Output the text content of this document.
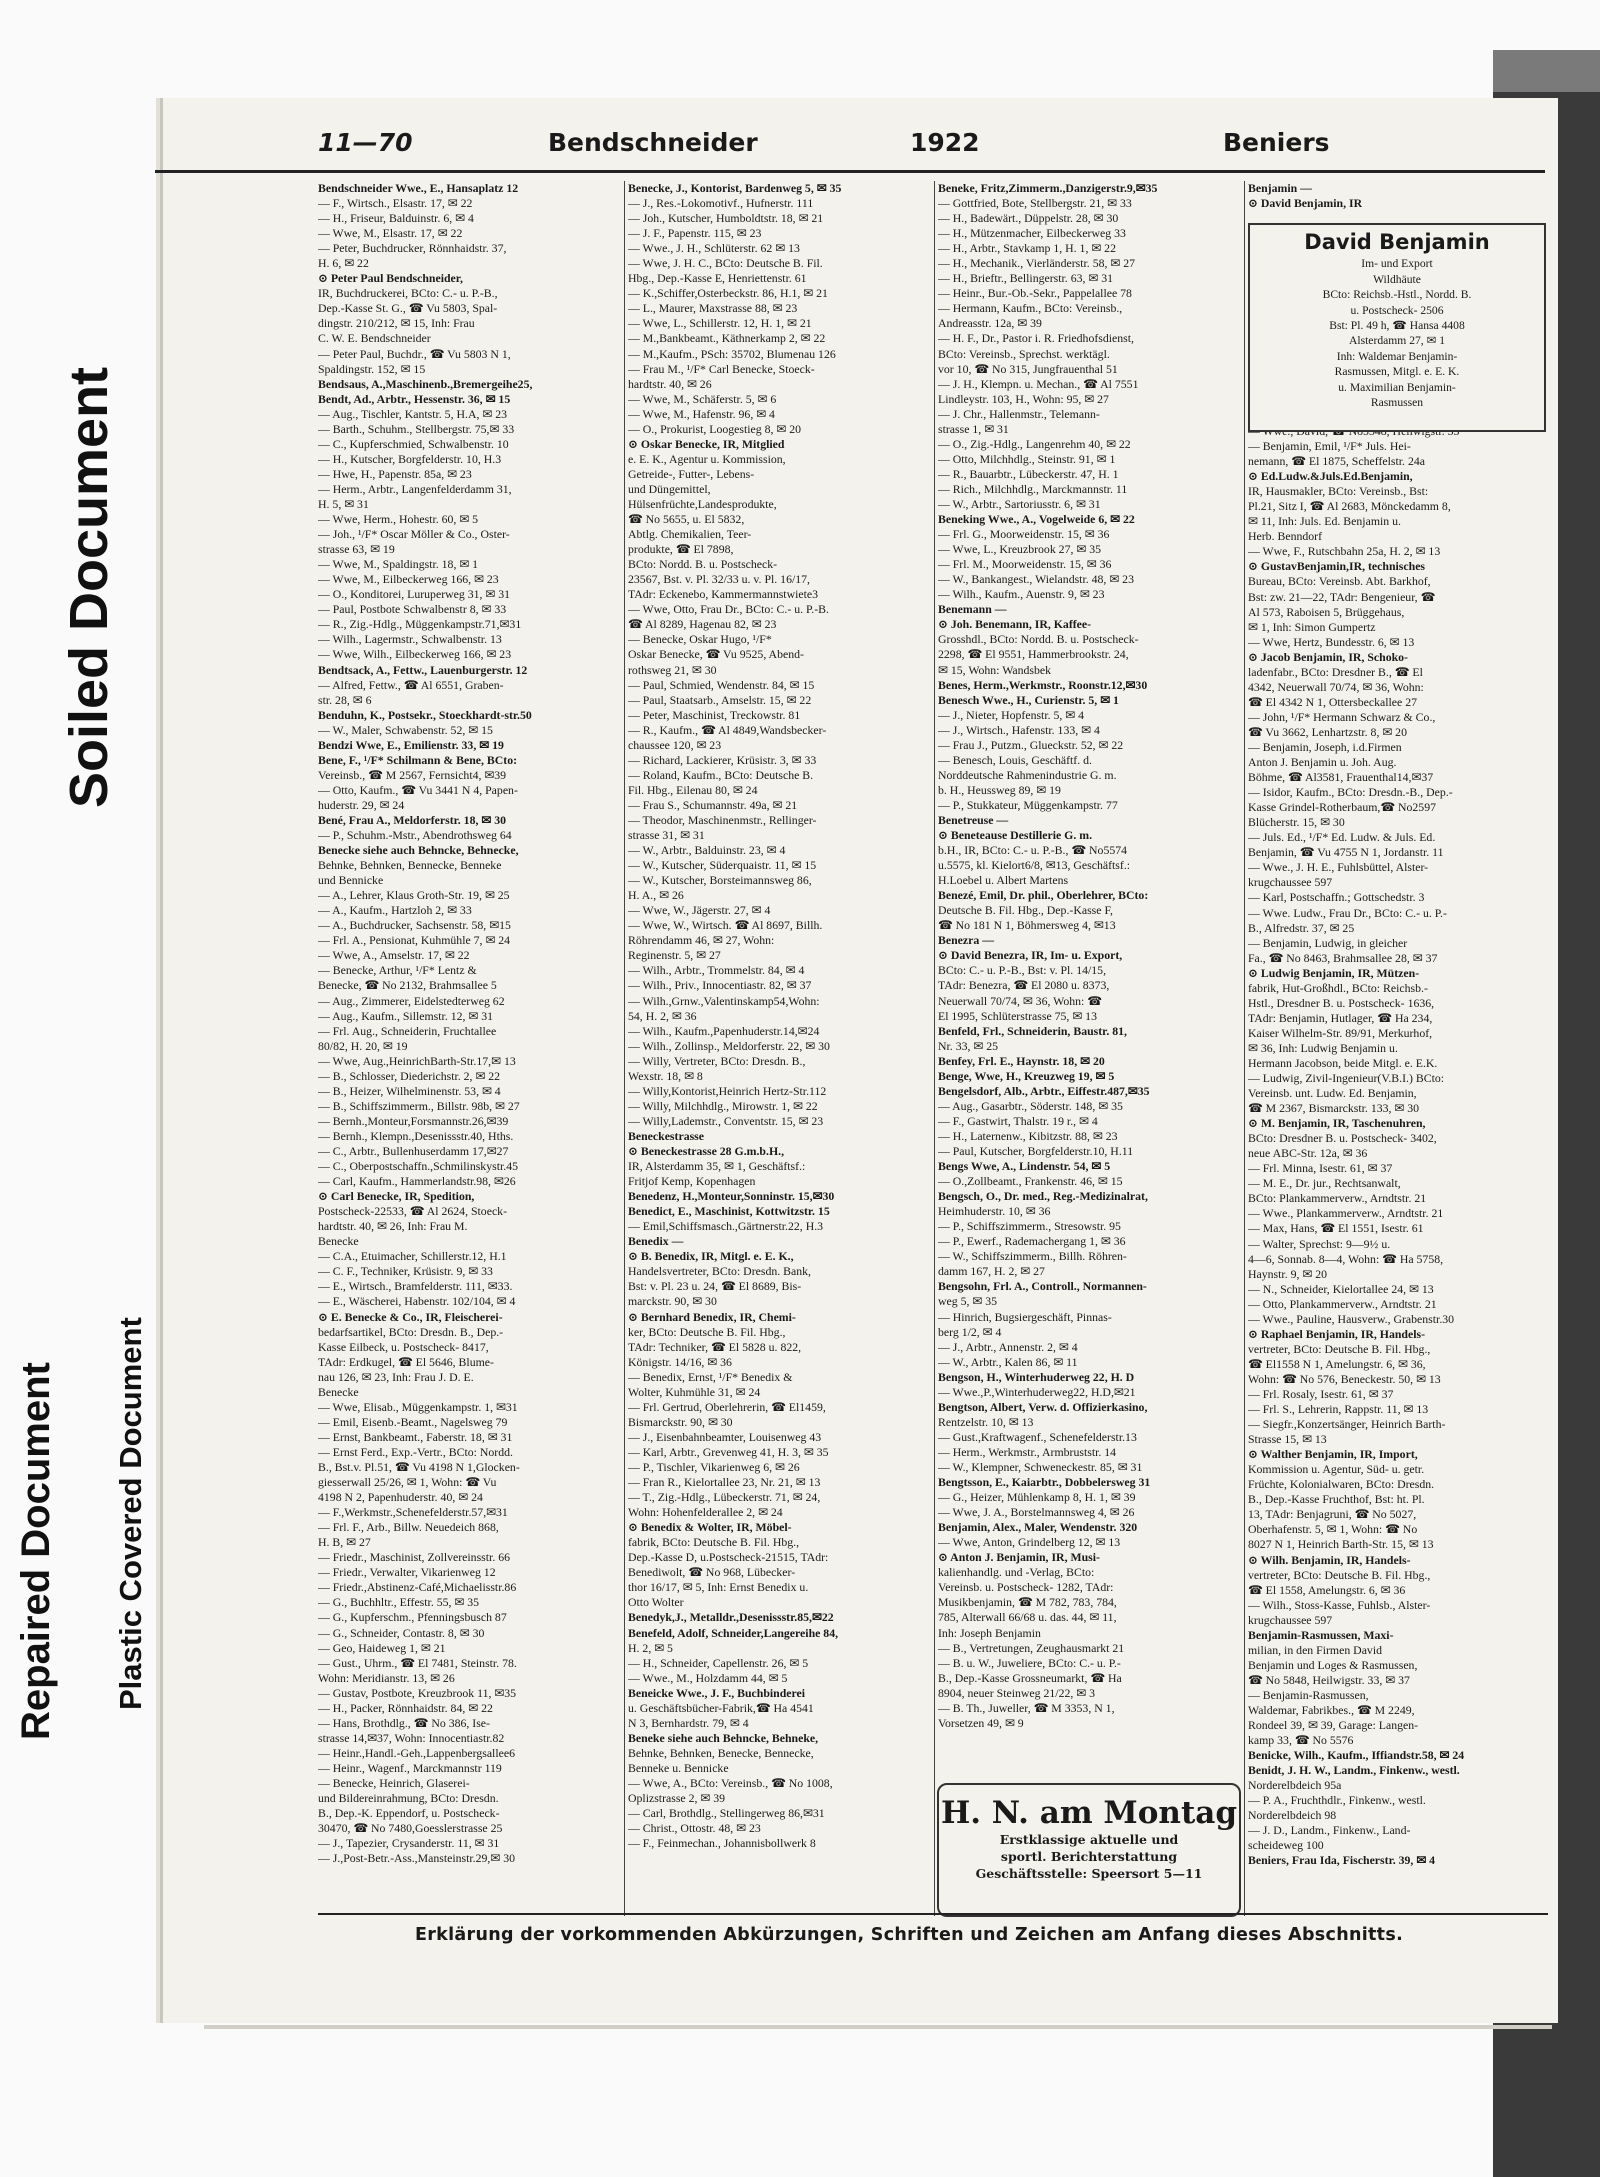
Soiled Document
Repaired Document Plastic Covered Document
11—70	Bendschneider	1922	Beniers
Bendschneider Wwe., E., Hansaplatz 12
— F., Wirtsch., Elsastr. 17, ✉ 22
— H., Friseur, Balduinstr. 6, ✉ 4
— Wwe, M., Elsastr. 17, ✉ 22
— Peter, Buchdrucker, Rönnhaidstr. 37,
H. 6, ✉ 22
⊙ Peter Paul Bendschneider,
IR, Buchdruckerei, BCto: C.- u. P.-B.,
Dep.-Kasse St. G., ☎ Vu 5803, Spal-
dingstr. 210/212, ✉ 15, Inh: Frau
C. W. E. Bendschneider
— Peter Paul, Buchdr., ☎ Vu 5803 N 1,
Spaldingstr. 152, ✉ 15
Bendsaus, A.,Maschinenb.,Bremergeihe25,
Bendt, Ad., Arbtr., Hessenstr. 36, ✉ 15
— Aug., Tischler, Kantstr. 5, H.A, ✉ 23
— Barth., Schuhm., Stellbergstr. 75,✉ 33
— C., Kupferschmied, Schwalbenstr. 10
— H., Kutscher, Borgfelderstr. 10, H.3
— Hwe, H., Papenstr. 85a, ✉ 23
— Herm., Arbtr., Langenfelderdamm 31,
H. 5, ✉ 31
— Wwe, Herm., Hohestr. 60, ✉ 5
— Joh., ¹/F* Oscar Möller & Co., Oster-
strasse 63, ✉ 19
— Wwe, M., Spaldingstr. 18, ✉ 1
— Wwe, M., Eilbeckerweg 166, ✉ 23
— O., Konditorei, Luruperweg 31, ✉ 31
— Paul, Postbote Schwalbenstr 8, ✉ 33
— R., Zig.-Hdlg., Müggenkampstr.71,✉31
— Wilh., Lagermstr., Schwalbenstr. 13
— Wwe, Wilh., Eilbeckerweg 166, ✉ 23
Bendtsack, A., Fettw., Lauenburgerstr. 12
— Alfred, Fettw., ☎ Al 6551, Graben-
str. 28, ✉ 6
Benduhn, K., Postsekr., Stoeckhardt-str.50
— W., Maler, Schwabenstr. 52, ✉ 15
Bendzi Wwe, E., Emilienstr. 33, ✉ 19
Bene, F., ¹/F* Schilmann & Bene, BCto:
Vereinsb., ☎ M 2567, Fernsicht4, ✉39
— Otto, Kaufm., ☎ Vu 3441 N 4, Papen-
huderstr. 29, ✉ 24
Bené, Frau A., Meldorferstr. 18, ✉ 30
— P., Schuhm.-Mstr., Abendrothsweg 64
Benecke siehe auch Behncke, Behnecke,
Behnke, Behnken, Bennecke, Benneke
und Bennicke
— A., Lehrer, Klaus Groth-Str. 19, ✉ 25
— A., Kaufm., Hartzloh 2, ✉ 33
— A., Buchdrucker, Sachsenstr. 58, ✉15
— Frl. A., Pensionat, Kuhmühle 7, ✉ 24
— Wwe, A., Amselstr. 17, ✉ 22
— Benecke, Arthur, ¹/F* Lentz &
Benecke, ☎ No 2132, Brahmsallee 5
— Aug., Zimmerer, Eidelstedterweg 62
— Aug., Kaufm., Sillemstr. 12, ✉ 31
— Frl. Aug., Schneiderin, Fruchtallee
80/82, H. 20, ✉ 19
— Wwe, Aug.,HeinrichBarth-Str.17,✉ 13
— B., Schlosser, Diederichstr. 2, ✉ 22
— B., Heizer, Wilhelminenstr. 53, ✉ 4
— B., Schiffszimmerm., Billstr. 98b, ✉ 27
— Bernh.,Monteur,Forsmannstr.26,✉39
— Bernh., Klempn.,Desenissstr.40, Hths.
— C., Arbtr., Bullenhuserdamm 17,✉27
— C., Oberpostschaffn.,Schmilinskystr.45
— Carl, Kaufm., Hammerlandstr.98, ✉26
⊙ Carl Benecke, IR, Spedition,
Postscheck-22533, ☎ Al 2624, Stoeck-
hardtstr. 40, ✉ 26, Inh: Frau M.
Benecke
— C.A., Etuimacher, Schillerstr.12, H.1
— C. F., Techniker, Krüsistr. 9, ✉ 33
— E., Wirtsch., Bramfelderstr. 111, ✉33.
— E., Wäscherei, Habenstr. 102/104, ✉ 4
⊙ E. Benecke & Co., IR, Fleischerei-
bedarfsartikel, BCto: Dresdn. B., Dep.-
Kasse Eilbeck, u. Postscheck- 8417,
TAdr: Erdkugel, ☎ El 5646, Blume-
nau 126, ✉ 23, Inh: Frau J. D. E.
Benecke
— Wwe, Elisab., Müggenkampstr. 1, ✉31
— Emil, Eisenb.-Beamt., Nagelsweg 79
— Ernst, Bankbeamt., Faberstr. 18, ✉ 31
— Ernst Ferd., Exp.-Vertr., BCto: Nordd.
B., Bst.v. Pl.51, ☎ Vu 4198 N 1,Glocken-
giesserwall 25/26, ✉ 1, Wohn: ☎ Vu
4198 N 2, Papenhuderstr. 40, ✉ 24
— F.,Werkmstr.,Schenefelderstr.57,✉31
— Frl. F., Arb., Billw. Neuedeich 868,
H. B, ✉ 27
— Friedr., Maschinist, Zollvereinsstr. 66
— Friedr., Verwalter, Vikarienweg 12
— Friedr.,Abstinenz-Café,Michaelisstr.86
— G., Buchhltr., Effestr. 55, ✉ 35
— G., Kupferschm., Pfenningsbusch 87
— G., Schneider, Contastr. 8, ✉ 30
— Geo, Haideweg 1, ✉ 21
— Gust., Uhrm., ☎ El 7481, Steinstr. 78.
Wohn: Meridianstr. 13, ✉ 26
— Gustav, Postbote, Kreuzbrook 11, ✉35
— H., Packer, Rönnhaidstr. 84, ✉ 22
— Hans, Brothdlg., ☎ No 386, Ise-
strasse 14,✉37, Wohn: Innocentiastr.82
— Heinr.,Handl.-Geh.,Lappenbergsallee6
— Heinr., Wagenf., Marckmannstr 119
— Benecke, Heinrich, Glaserei-
und Bildereinrahmung, BCto: Dresdn.
B., Dep.-K. Eppendorf, u. Postscheck-
30470, ☎ No 7480,Goesslerstrasse 25
— J., Tapezier, Crysanderstr. 11, ✉ 31
— J.,Post-Betr.-Ass.,Mansteinstr.29,✉ 30
Benecke, J., Kontorist, Bardenweg 5, ✉ 35
— J., Res.-Lokomotivf., Hufnerstr. 111
— Joh., Kutscher, Humboldtstr. 18, ✉ 21
— J. F., Papenstr. 115, ✉ 23
— Wwe., J. H., Schlüterstr. 62 ✉ 13
— Wwe, J. H. C., BCto: Deutsche B. Fil.
Hbg., Dep.-Kasse E, Henriettenstr. 61
— K.,Schiffer,Osterbeckstr. 86, H.1, ✉ 21
— L., Maurer, Maxstrasse 88, ✉ 23
— Wwe, L., Schillerstr. 12, H. 1, ✉ 21
— M.,Bankbeamt., Käthnerkamp 2, ✉ 22
— M.,Kaufm., PSch: 35702, Blumenau 126
— Frau M., ¹/F* Carl Benecke, Stoeck-
hardtstr. 40, ✉ 26
— Wwe, M., Schäferstr. 5, ✉ 6
— Wwe, M., Hafenstr. 96, ✉ 4
— O., Prokurist, Loogestieg 8, ✉ 20
⊙ Oskar Benecke, IR, Mitglied
e. E. K., Agentur u. Kommission,
Getreide-, Futter-, Lebens-
und Düngemittel,
Hülsenfrüchte,Landesprodukte,
☎ No 5655, u. El 5832,
Abtlg. Chemikalien, Teer-
produkte, ☎ El 7898,
BCto: Nordd. B. u. Postscheck-
23567, Bst. v. Pl. 32/33 u. v. Pl. 16/17,
TAdr: Eckenebo, Kammermannstwiete3
— Wwe, Otto, Frau Dr., BCto: C.- u. P.-B.
☎ Al 8289, Hagenau 82, ✉ 23
— Benecke, Oskar Hugo, ¹/F*
Oskar Benecke, ☎ Vu 9525, Abend-
rothsweg 21, ✉ 30
— Paul, Schmied, Wendenstr. 84, ✉ 15
— Paul, Staatsarb., Amselstr. 15, ✉ 22
— Peter, Maschinist, Treckowstr. 81
— R., Kaufm., ☎ Al 4849,Wandsbecker-
chaussee 120, ✉ 23
— Richard, Lackierer, Krüsistr. 3, ✉ 33
— Roland, Kaufm., BCto: Deutsche B.
Fil. Hbg., Eilenau 80, ✉ 24
— Frau S., Schumannstr. 49a, ✉ 21
— Theodor, Maschinenmstr., Rellinger-
strasse 31, ✉ 31
— W., Arbtr., Balduinstr. 23, ✉ 4
— W., Kutscher, Süderquaistr. 11, ✉ 15
— W., Kutscher, Borsteimannsweg 86,
H. A., ✉ 26
— Wwe, W., Jägerstr. 27, ✉ 4
— Wwe, W., Wirtsch. ☎ Al 8697, Billh.
Röhrendamm 46, ✉ 27, Wohn:
Reginenstr. 5, ✉ 27
— Wilh., Arbtr., Trommelstr. 84, ✉ 4
— Wilh., Priv., Innocentiastr. 82, ✉ 37
— Wilh.,Grnw.,Valentinskamp54,Wohn:
54, H. 2, ✉ 36
— Wilh., Kaufm.,Papenhuderstr.14,✉24
— Wilh., Zollinsp., Meldorferstr. 22, ✉ 30
— Willy, Vertreter, BCto: Dresdn. B.,
Wexstr. 18, ✉ 8
— Willy,Kontorist,Heinrich Hertz-Str.112
— Willy, Milchhdlg., Mirowstr. 1, ✉ 22
— Willy,Lademstr., Conventstr. 15, ✉ 23
Beneckestrasse
⊙ Beneckestrasse 28 G.m.b.H.,
IR, Alsterdamm 35, ✉ 1, Geschäftsf.:
Fritjof Kemp, Kopenhagen
Benedenz, H.,Monteur,Sonninstr. 15,✉30
Benedict, E., Maschinist, Kottwitzstr. 15
— Emil,Schiffsmasch.,Gärtnerstr.22, H.3
Benedix —
⊙ B. Benedix, IR, Mitgl. e. E. K.,
Handelsvertreter, BCto: Dresdn. Bank,
Bst: v. Pl. 23 u. 24, ☎ El 8689, Bis-
marckstr. 90, ✉ 30
⊙ Bernhard Benedix, IR, Chemi-
ker, BCto: Deutsche B. Fil. Hbg.,
TAdr: Techniker, ☎ El 5828 u. 822,
Königstr. 14/16, ✉ 36
— Benedix, Ernst, ¹/F* Benedix &
Wolter, Kuhmühle 31, ✉ 24
— Frl. Gertrud, Oberlehrerin, ☎ El1459,
Bismarckstr. 90, ✉ 30
— J., Eisenbahnbeamter, Louisenweg 43
— Karl, Arbtr., Grevenweg 41, H. 3, ✉ 35
— P., Tischler, Vikarienweg 6, ✉ 26
— Fran R., Kielortallee 23, Nr. 21, ✉ 13
— T., Zig.-Hdlg., Lübeckerstr. 71, ✉ 24,
Wohn: Hohenfelderallee 2, ✉ 24
⊙ Benedix & Wolter, IR, Möbel-
fabrik, BCto: Deutsche B. Fil. Hbg.,
Dep.-Kasse D, u.Postscheck-21515, TAdr:
Benediwolt, ☎ No 968, Lübecker-
thor 16/17, ✉ 5, Inh: Ernst Benedix u.
Otto Wolter
Benedyk,J., Metalldr.,Desenissstr.85,✉22
Benefeld, Adolf, Schneider,Langereihe 84,
H. 2, ✉ 5
— H., Schneider, Capellenstr. 26, ✉ 5
— Wwe., M., Holzdamm 44, ✉ 5
Beneicke Wwe., J. F., Buchbinderei
u. Geschäftsbücher-Fabrik,☎ Ha 4541
N 3, Bernhardstr. 79, ✉ 4
Beneke siehe auch Behncke, Behneke,
Behnke, Behnken, Benecke, Bennecke,
Benneke u. Bennicke
— Wwe, A., BCto: Vereinsb., ☎ No 1008,
Oplizstrasse 2, ✉ 39
— Carl, Brothdlg., Stellingerweg 86,✉31
— Christ., Ottostr. 48, ✉ 23
— F., Feinmechan., Johannisbollwerk 8
Beneke, Fritz,Zimmerm.,Danzigerstr.9,✉35
— Gottfried, Bote, Stellbergstr. 21, ✉ 33
— H., Badewärt., Düppelstr. 28, ✉ 30
— H., Mützenmacher, Eilbeckerweg 33
— H., Arbtr., Stavkamp 1, H. 1, ✉ 22
— H., Mechanik., Vierländerstr. 58, ✉ 27
— H., Brieftr., Bellingerstr. 63, ✉ 31
— Heinr., Bur.-Ob.-Sekr., Pappelallee 78
— Hermann, Kaufm., BCto: Vereinsb.,
Andreasstr. 12a, ✉ 39
— H. F., Dr., Pastor i. R. Friedhofsdienst,
BCto: Vereinsb., Sprechst. werktägl.
vor 10, ☎ No 315, Jungfrauenthal 51
— J. H., Klempn. u. Mechan., ☎ Al 7551
Lindleystr. 103, H., Wohn: 95, ✉ 27
— J. Chr., Hallenmstr., Telemann-
strasse 1, ✉ 31
— O., Zig.-Hdlg., Langenrehm 40, ✉ 22
— Otto, Milchhdlg., Steinstr. 91, ✉ 1
— R., Bauarbtr., Lübeckerstr. 47, H. 1
— Rich., Milchhdlg., Marckmannstr. 11
— W., Arbtr., Sartoriusstr. 6, ✉ 31
Beneking Wwe., A., Vogelweide 6, ✉ 22
— Frl. G., Moorweidenstr. 15, ✉ 36
— Wwe, L., Kreuzbrook 27, ✉ 35
— Frl. M., Moorweidenstr. 15, ✉ 36
— W., Bankangest., Wielandstr. 48, ✉ 23
— Wilh., Kaufm., Auenstr. 9, ✉ 23
Benemann —
⊙ Joh. Benemann, IR, Kaffee-
Grosshdl., BCto: Nordd. B. u. Postscheck-
2298, ☎ El 9551, Hammerbrookstr. 24,
✉ 15, Wohn: Wandsbek
Benes, Herm.,Werkmstr., Roonstr.12,✉30
Benesch Wwe., H., Curienstr. 5, ✉ 1
— J., Nieter, Hopfenstr. 5, ✉ 4
— J., Wirtsch., Hafenstr. 133, ✉ 4
— Frau J., Putzm., Glueckstr. 52, ✉ 22
— Benesch, Louis, Geschäftf. d.
Norddeutsche Rahmenindustrie G. m.
b. H., Heussweg 89, ✉ 19
— P., Stukkateur, Müggenkampstr. 77
Benetreuse —
⊙ Beneteause Destillerie G. m.
b.H., IR, BCto: C.- u. P.-B., ☎ No5574
u.5575, kl. Kielort6/8, ✉13, Geschäftsf.:
H.Loebel u. Albert Martens
Benezé, Emil, Dr. phil., Oberlehrer, BCto:
Deutsche B. Fil. Hbg., Dep.-Kasse F,
☎ No 181 N 1, Böhmersweg 4, ✉13
Benezra —
⊙ David Benezra, IR, Im- u. Export,
BCto: C.- u. P.-B., Bst: v. Pl. 14/15,
TAdr: Benezra, ☎ El 2080 u. 8373,
Neuerwall 70/74, ✉ 36, Wohn: ☎
El 1995, Schlüterstrasse 75, ✉ 13
Benfeld, Frl., Schneiderin, Baustr. 81,
Nr. 33, ✉ 25
Benfey, Frl. E., Haynstr. 18, ✉ 20
Benge, Wwe, H., Kreuzweg 19, ✉ 5
Bengelsdorf, Alb., Arbtr., Eiffestr.487,✉35
— Aug., Gasarbtr., Söderstr. 148, ✉ 35
— F., Gastwirt, Thalstr. 19 r., ✉ 4
— H., Laternenw., Kibitzstr. 88, ✉ 23
— Paul, Kutscher, Borgfelderstr.10, H.11
Bengs Wwe, A., Lindenstr. 54, ✉ 5
— O.,Zollbeamt., Frankenstr. 46, ✉ 15
Bengsch, O., Dr. med., Reg.-Medizinalrat,
Heimhuderstr. 10, ✉ 36
— P., Schiffszimmerm., Stresowstr. 95
— P., Ewerf., Rademachergang 1, ✉ 36
— W., Schiffszimmerm., Billh. Röhren-
damm 167, H. 2, ✉ 27
Bengsohn, Frl. A., Controll., Normannen-
weg 5, ✉ 35
— Hinrich, Bugsiergeschäft, Pinnas-
berg 1/2, ✉ 4
— J., Arbtr., Annenstr. 2, ✉ 4
— W., Arbtr., Kalen 86, ✉ 11
Bengson, H., Winterhuderweg 22, H. D
— Wwe.,P.,Winterhuderweg22, H.D,✉21
Bengtson, Albert, Verw. d. Offizierkasino,
Rentzelstr. 10, ✉ 13
— Gust.,Kraftwagenf., Schenefelderstr.13
— Herm., Werkmstr., Armbruststr. 14
— W., Klempner, Schweneckestr. 85, ✉ 31
Bengtsson, E., Kaiarbtr., Dobbelersweg 31
— G., Heizer, Mühlenkamp 8, H. 1, ✉ 39
— Wwe, J. A., Borstelmannsweg 4, ✉ 26
Benjamin, Alex., Maler, Wendenstr. 320
— Wwe, Anton, Grindelberg 12, ✉ 13
⊙ Anton J. Benjamin, IR, Musi-
kalienhandlg. und -Verlag, BCto:
Vereinsb. u. Postscheck- 1282, TAdr:
Musikbenjamin, ☎ M 782, 783, 784,
785, Alterwall 66/68 u. das. 44, ✉ 11,
Inh: Joseph Benjamin
— B., Vertretungen, Zeughausmarkt 21
— B. u. W., Juweliere, BCto: C.- u. P.-
B., Dep.-Kasse Grossneumarkt, ☎ Ha
8904, neuer Steinweg 21/22, ✉ 3
— B. Th., Juweller, ☎ M 3353, N 1,
Vorsetzen 49, ✉ 9
Benjamin —
⊙ David Benjamin, IR
— Benjamin, Emil, ¹/F* Juls. Hei-
nemann, ☎ El 1875, Scheffelstr. 24a
⊙ Ed.Ludw.&Juls.Ed.Benjamin,
IR, Hausmakler, BCto: Vereinsb., Bst:
Pl.21, Sitz I, ☎ Al 2683, Mönckedamm 8,
✉ 11, Inh: Juls. Ed. Benjamin u.
Herb. Benndorf
— Wwe, F., Rutschbahn 25a, H. 2, ✉ 13
⊙ GustavBenjamin,IR, technisches
Bureau, BCto: Vereinsb. Abt. Barkhof,
Bst: zw. 21—22, TAdr: Bengenieur, ☎
Al 573, Raboisen 5, Brüggehaus,
✉ 1, Inh: Simon Gumpertz
— Wwe, Hertz, Bundesstr. 6, ✉ 13
⊙ Jacob Benjamin, IR, Schoko-
ladenfabr., BCto: Dresdner B., ☎ El
4342, Neuerwall 70/74, ✉ 36, Wohn:
☎ El 4342 N 1, Ottersbeckallee 27
— John, ¹/F* Hermann Schwarz & Co.,
☎ Vu 3662, Lenhartzstr. 8, ✉ 20
— Benjamin, Joseph, i.d.Firmen
Anton J. Benjamin u. Joh. Aug.
Böhme, ☎ Al3581, Frauenthal14,✉37
— Isidor, Kaufm., BCto: Dresdn.-B., Dep.-
Kasse Grindel-Rotherbaum,☎ No2597
Blücherstr. 15, ✉ 30
— Juls. Ed., ¹/F* Ed. Ludw. & Juls. Ed.
Benjamin, ☎ Vu 4755 N 1, Jordanstr. 11
— Wwe., J. H. E., Fuhlsbüttel, Alster-
krugchaussee 597
— Karl, Postschaffn.; Gottschedstr. 3
— Wwe. Ludw., Frau Dr., BCto: C.- u. P.-
B., Alfredstr. 37, ✉ 25
— Benjamin, Ludwig, in gleicher
Fa., ☎ No 8463, Brahmsallee 28, ✉ 37
⊙ Ludwig Benjamin, IR, Mützen-
fabrik, Hut-Großhdl., BCto: Reichsb.-
Hstl., Dresdner B. u. Postscheck- 1636,
TAdr: Benjamin, Hutlager, ☎ Ha 234,
Kaiser Wilhelm-Str. 89/91, Merkurhof,
✉ 36, Inh: Ludwig Benjamin u.
Hermann Jacobson, beide Mitgl. e. E.K.
— Ludwig, Zivil-Ingenieur(V.B.I.) BCto:
Vereinsb. unt. Ludw. Ed. Benjamin,
☎ M 2367, Bismarckstr. 133, ✉ 30
⊙ M. Benjamin, IR, Taschenuhren,
BCto: Dresdner B. u. Postscheck- 3402,
neue ABC-Str. 12a, ✉ 36
— Frl. Minna, Isestr. 61, ✉ 37
— M. E., Dr. jur., Rechtsanwalt,
BCto: Plankammerverw., Arndtstr. 21
— Wwe., Plankammerverw., Arndtstr. 21
— Max, Hans, ☎ El 1551, Isestr. 61
— Walter, Sprechst: 9—9½ u.
4—6, Sonnab. 8—4, Wohn: ☎ Ha 5758,
Haynstr. 9, ✉ 20
— N., Schneider, Kielortallee 24, ✉ 13
— Otto, Plankammerverw., Arndtstr. 21
— Wwe., Pauline, Hausverw., Grabenstr.30
⊙ Raphael Benjamin, IR, Handels-
vertreter, BCto: Deutsche B. Fil. Hbg.,
☎ El1558 N 1, Amelungstr. 6, ✉ 36,
Wohn: ☎ No 576, Beneckestr. 50, ✉ 13
— Frl. Rosaly, Isestr. 61, ✉ 37
— Frl. S., Lehrerin, Rappstr. 11, ✉ 13
— Siegfr.,Konzertsänger, Heinrich Barth-
Strasse 15, ✉ 13
⊙ Walther Benjamin, IR, Import,
Kommission u. Agentur, Süd- u. getr.
Früchte, Kolonialwaren, BCto: Dresdn.
B., Dep.-Kasse Fruchthof, Bst: ht. Pl.
13, TAdr: Benjagruni, ☎ No 5027,
Oberhafenstr. 5, ✉ 1, Wohn: ☎ No
8027 N 1, Heinrich Barth-Str. 15, ✉ 13
⊙ Wilh. Benjamin, IR, Handels-
vertreter, BCto: Deutsche B. Fil. Hbg.,
☎ El 1558, Amelungstr. 6, ✉ 36
— Wilh., Stoss-Kasse, Fuhlsb., Alster-
krugchaussee 597
Benjamin-Rasmussen, Maxi-
milian, in den Firmen David
Benjamin und Loges & Rasmussen,
☎ No 5848, Heilwigstr. 33, ✉ 37
— Benjamin-Rasmussen,
Waldemar, Fabrikbes., ☎ M 2249,
Rondeel 39, ✉ 39, Garage: Langen-
kamp 33, ☎ No 5576
Benicke, Wilh., Kaufm., Iffiandstr.58, ✉ 24
Benidt, J. H. W., Landm., Finkenw., westl.
Norderelbdeich 95a
— P. A., Fruchthdlr., Finkenw., westl.
Norderelbdeich 98
— J. D., Landm., Finkenw., Land-
scheideweg 100
Beniers, Frau Ida, Fischerstr. 39, ✉ 4
David Benjamin
Im- und Export
Wildhäute
BCto: Reichsb.-Hstl., Nordd. B.
u. Postscheck- 2506
Bst: Pl. 49 h, ☎ Hansa 4408
Alsterdamm 27, ✉ 1
Inh: Waldemar Benjamin-
Rasmussen, Mitgl. e. E. K.
u. Maximilian Benjamin-
Rasmussen
H. N. am Montag
Erstklassige aktuelle und
sportl. Berichterstattung
Geschäftsstelle: Speersort 5—11
Erklärung der vorkommenden Abkürzungen, Schriften und Zeichen am Anfang dieses Abschnitts.
